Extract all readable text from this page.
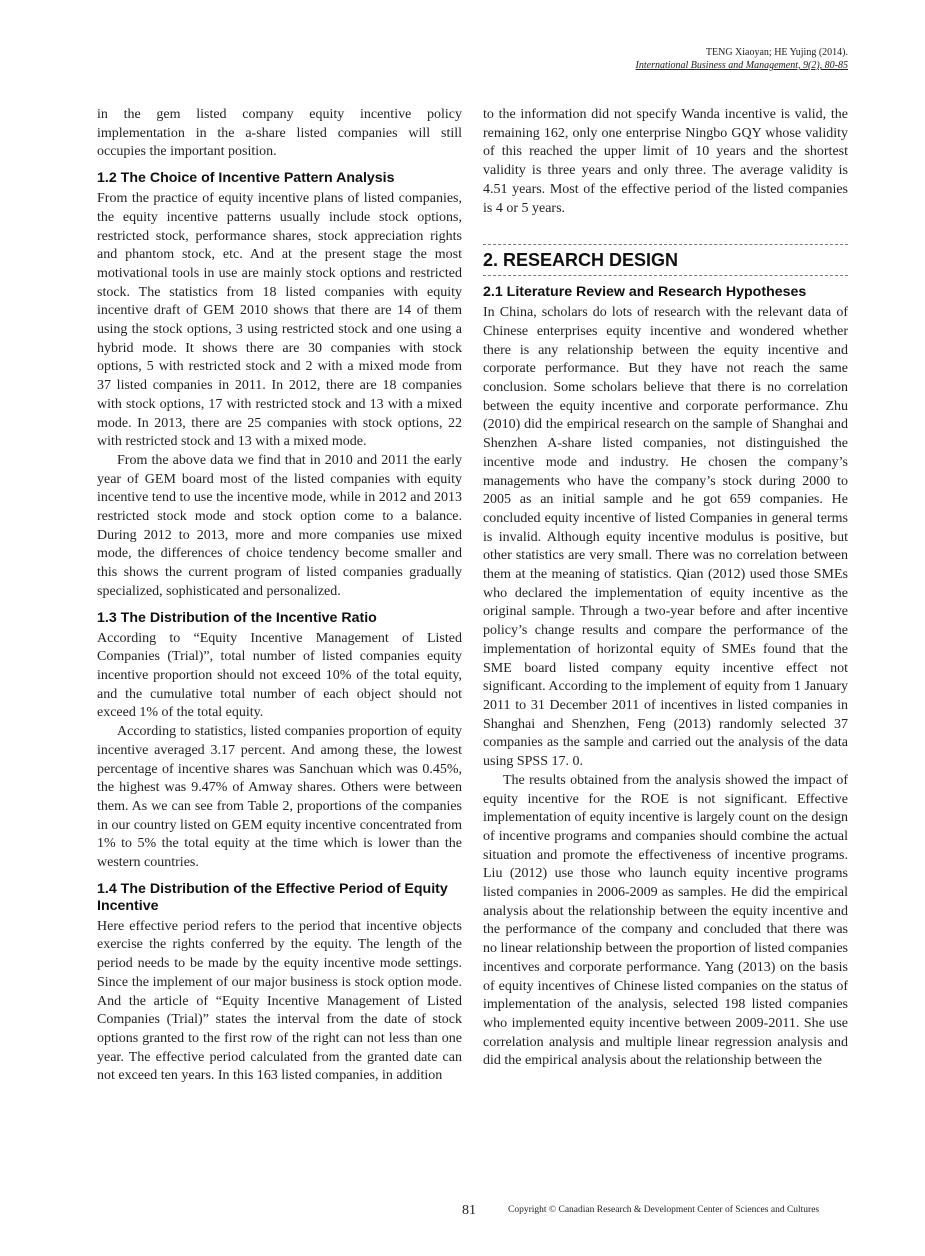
TENG Xiaoyan; HE Yujing (2014).
International Business and Management, 9(2), 80-85

in the gem listed company equity incentive policy implementation in the a-share listed companies will still occupies the important position.

1.2 The Choice of Incentive Pattern Analysis

From the practice of equity incentive plans of listed companies, the equity incentive patterns usually include stock options, restricted stock, performance shares, stock appreciation rights and phantom stock, etc. And at the present stage the most motivational tools in use are mainly stock options and restricted stock. The statistics from 18 listed companies with equity incentive draft of GEM 2010 shows that there are 14 of them using the stock options, 3 using restricted stock and one using a hybrid mode. It shows there are 30 companies with stock options, 5 with restricted stock and 2 with a mixed mode from 37 listed companies in 2011. In 2012, there are 18 companies with stock options, 17 with restricted stock and 13 with a mixed mode. In 2013, there are 25 companies with stock options, 22 with restricted stock and 13 with a mixed mode.

From the above data we find that in 2010 and 2011 the early year of GEM board most of the listed companies with equity incentive tend to use the incentive mode, while in 2012 and 2013 restricted stock mode and stock option come to a balance. During 2012 to 2013, more and more companies use mixed mode, the differences of choice tendency become smaller and this shows the current program of listed companies gradually specialized, sophisticated and personalized.

1.3 The Distribution of the Incentive Ratio

According to “Equity Incentive Management of Listed Companies (Trial)”, total number of listed companies equity incentive proportion should not exceed 10% of the total equity, and the cumulative total number of each object should not exceed 1% of the total equity.

According to statistics, listed companies proportion of equity incentive averaged 3.17 percent. And among these, the lowest percentage of incentive shares was Sanchuan which was 0.45%, the highest was 9.47% of Amway shares. Others were between them. As we can see from Table 2, proportions of the companies in our country listed on GEM equity incentive concentrated from 1% to 5% the total equity at the time which is lower than the western countries.

1.4 The Distribution of the Effective Period of Equity Incentive

Here effective period refers to the period that incentive objects exercise the rights conferred by the equity. The length of the period needs to be made by the equity incentive mode settings. Since the implement of our major business is stock option mode. And the article of “Equity Incentive Management of Listed Companies (Trial)” states the interval from the date of stock options granted to the first row of the right can not less than one year. The effective period calculated from the granted date can not exceed ten years. In this 163 listed companies, in addition

to the information did not specify Wanda incentive is valid, the remaining 162, only one enterprise Ningbo GQY whose validity of this reached the upper limit of 10 years and the shortest validity is three years and only three. The average validity is 4.51 years. Most of the effective period of the listed companies is 4 or 5 years.

2. RESEARCH DESIGN
2.1 Literature Review and Research Hypotheses

In China, scholars do lots of research with the relevant data of Chinese enterprises equity incentive and wondered whether there is any relationship between the equity incentive and corporate performance. But they have not reach the same conclusion. Some scholars believe that there is no correlation between the equity incentive and corporate performance. Zhu (2010) did the empirical research on the sample of Shanghai and Shenzhen A-share listed companies, not distinguished the incentive mode and industry. He chosen the company’s managements who have the company’s stock during 2000 to 2005 as an initial sample and he got 659 companies. He concluded equity incentive of listed Companies in general terms is invalid. Although equity incentive modulus is positive, but other statistics are very small. There was no correlation between them at the meaning of statistics. Qian (2012) used those SMEs who declared the implementation of equity incentive as the original sample. Through a two-year before and after incentive policy’s change results and compare the performance of the implementation of horizontal equity of SMEs found that the SME board listed company equity incentive effect not significant. According to the implement of equity from 1 January 2011 to 31 December 2011 of incentives in listed companies in Shanghai and Shenzhen, Feng (2013) randomly selected 37 companies as the sample and carried out the analysis of the data using SPSS 17. 0.

The results obtained from the analysis showed the impact of equity incentive for the ROE is not significant. Effective implementation of equity incentive is largely count on the design of incentive programs and companies should combine the actual situation and promote the effectiveness of incentive programs. Liu (2012) use those who launch equity incentive programs listed companies in 2006-2009 as samples. He did the empirical analysis about the relationship between the equity incentive and the performance of the company and concluded that there was no linear relationship between the proportion of listed companies incentives and corporate performance. Yang (2013) on the basis of equity incentives of Chinese listed companies on the status of implementation of the analysis, selected 198 listed companies who implemented equity incentive between 2009-2011. She use correlation analysis and multiple linear regression analysis and did the empirical analysis about the relationship between the

81	Copyright © Canadian Research & Development Center of Sciences and Cultures
